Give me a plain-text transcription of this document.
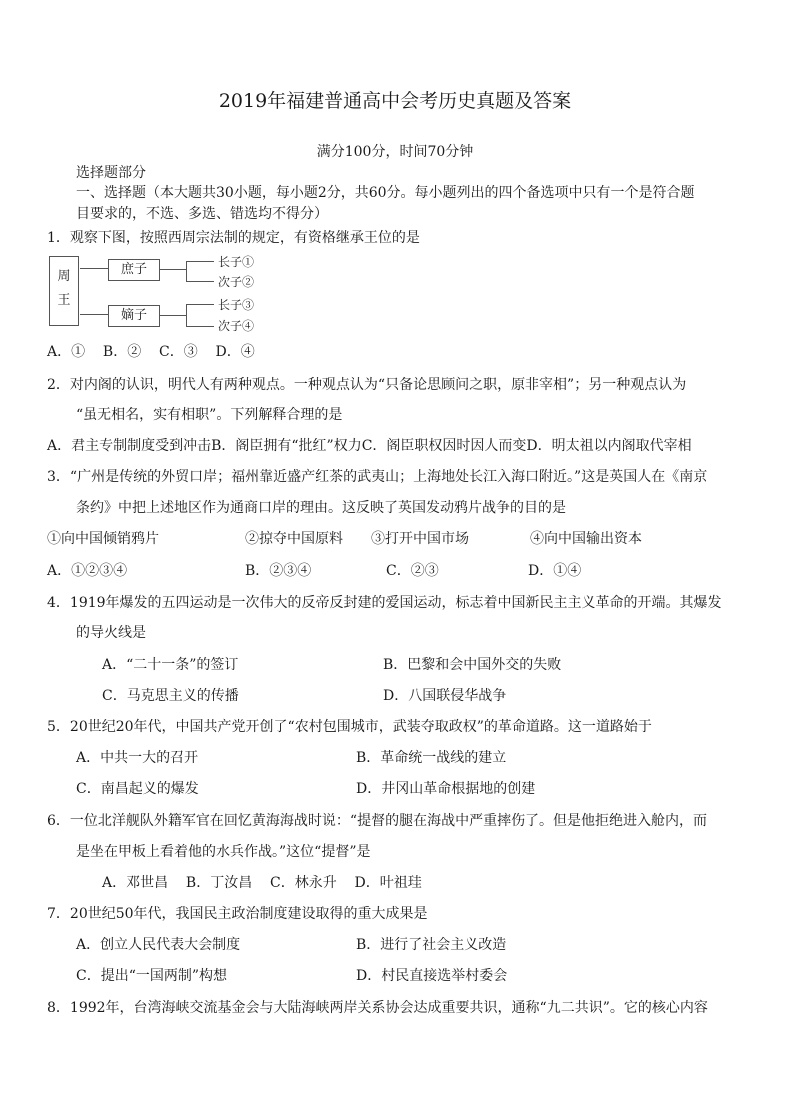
2019年福建普通高中会考历史真题及答案
满分100分，时间70分钟
选择题部分
一、选择题（本大题共30小题，每小题2分，共60分。每小题列出的四个备选项中只有一个是符合题
目要求的，不选、多选、错选均不得分）
1．观察下图，按照西周宗法制的规定，有资格继承王位的是
周
王
庶子
嫡子
长子①
次子②
长子③
次子④
A．①    B．②    C．③    D．④
2．对内阁的认识，明代人有两种观点。一种观点认为“只备论思顾问之职，原非宰相”；另一种观点认为
“虽无相名，实有相职”。下列解释合理的是
A．君主专制制度受到冲击B．阁臣拥有“批红”权力C．阁臣职权因时因人而变D．明太祖以内阁取代宰相
3．“广州是传统的外贸口岸；福州靠近盛产红茶的武夷山；上海地处长江入海口附近。”这是英国人在《南京
条约》中把上述地区作为通商口岸的理由。这反映了英国发动鸦片战争的目的是
①向中国倾销鸦片	②掠夺中国原料 ③打开中国市场	④向中国输出资本
A．①②③④	B．②③④	C．②③	D．①④
4．1919年爆发的五四运动是一次伟大的反帝反封建的爱国运动，标志着中国新民主主义革命的开端。其爆发
的导火线是
A．“二十一条”的签订	B．巴黎和会中国外交的失败
C．马克思主义的传播	D．八国联侵华战争
5．20世纪20年代，中国共产党开创了“农村包围城市，武装夺取政权”的革命道路。这一道路始于
A．中共一大的召开	B．革命统一战线的建立
C．南昌起义的爆发	D．井冈山革命根据地的创建
6．一位北洋舰队外籍军官在回忆黄海海战时说：“提督的腿在海战中严重摔伤了。但是他拒绝进入舱内，而
是坐在甲板上看着他的水兵作战。”这位“提督”是
A．邓世昌    B．丁汝昌    C．林永升    D．叶祖珪
7．20世纪50年代，我国民主政治制度建设取得的重大成果是
A．创立人民代表大会制度	B．进行了社会主义改造
C．提出“一国两制”构想	D．村民直接选举村委会
8．1992年，台湾海峡交流基金会与大陆海峡两岸关系协会达成重要共识，通称“九二共识”。它的核心内容
